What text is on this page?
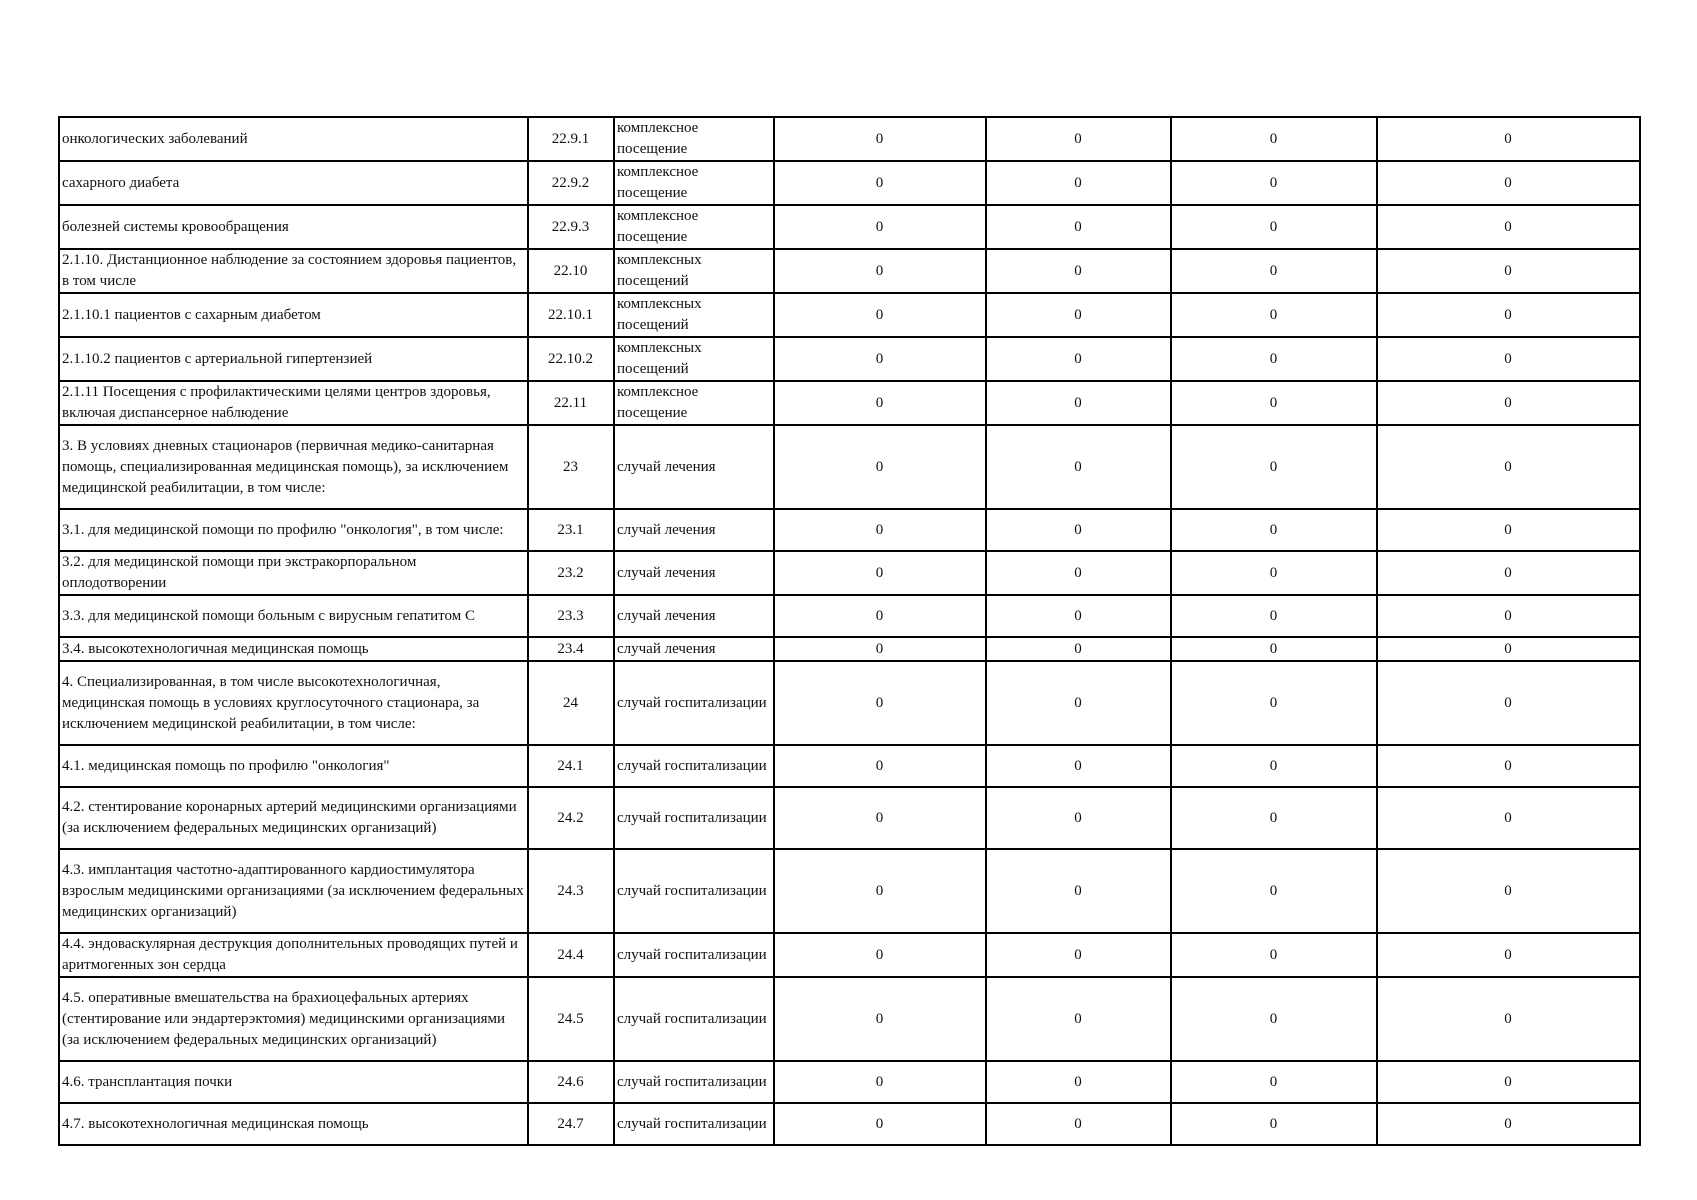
онкологических заболеваний	22.9.1	комплексное посещение	0	0	0	0
сахарного диабета	22.9.2	комплексное посещение	0	0	0	0
болезней системы кровообращения	22.9.3	комплексное посещение	0	0	0	0
2.1.10. Дистанционное наблюдение за состоянием здоровья пациентов, в том числе	22.10	комплексных посещений	0	0	0	0
2.1.10.1 пациентов с сахарным диабетом	22.10.1	комплексных посещений	0	0	0	0
2.1.10.2 пациентов с артериальной гипертензией	22.10.2	комплексных посещений	0	0	0	0
2.1.11 Посещения с профилактическими целями центров здоровья, включая диспансерное наблюдение	22.11	комплексное посещение	0	0	0	0
3. В условиях дневных стационаров (первичная медико-санитарная помощь, специализированная медицинская помощь), за исключением медицинской реабилитации, в том числе:	23	случай лечения	0	0	0	0
3.1. для медицинской помощи по профилю "онкология", в том числе:	23.1	случай лечения	0	0	0	0
3.2. для медицинской помощи при экстракорпоральном оплодотворении	23.2	случай лечения	0	0	0	0
3.3. для медицинской помощи больным с вирусным гепатитом С	23.3	случай лечения	0	0	0	0
3.4. высокотехнологичная медицинская помощь	23.4	случай лечения	0	0	0	0
4. Специализированная, в том числе высокотехнологичная, медицинская помощь в условиях круглосуточного стационара, за исключением медицинской реабилитации, в том числе:	24	случай госпитализации	0	0	0	0
4.1. медицинская помощь по профилю "онкология"	24.1	случай госпитализации	0	0	0	0
4.2. стентирование коронарных артерий медицинскими организациями (за исключением федеральных медицинских организаций)	24.2	случай госпитализации	0	0	0	0
4.3. имплантация частотно-адаптированного кардиостимулятора взрослым медицинскими организациями (за исключением федеральных медицинских организаций)	24.3	случай госпитализации	0	0	0	0
4.4. эндоваскулярная деструкция дополнительных проводящих путей и аритмогенных зон сердца	24.4	случай госпитализации	0	0	0	0
4.5. оперативные вмешательства на брахиоцефальных артериях (стентирование или эндартерэктомия) медицинскими организациями (за исключением федеральных медицинских организаций)	24.5	случай госпитализации	0	0	0	0
4.6. трансплантация почки	24.6	случай госпитализации	0	0	0	0
4.7. высокотехнологичная медицинская помощь	24.7	случай госпитализации	0	0	0	0
